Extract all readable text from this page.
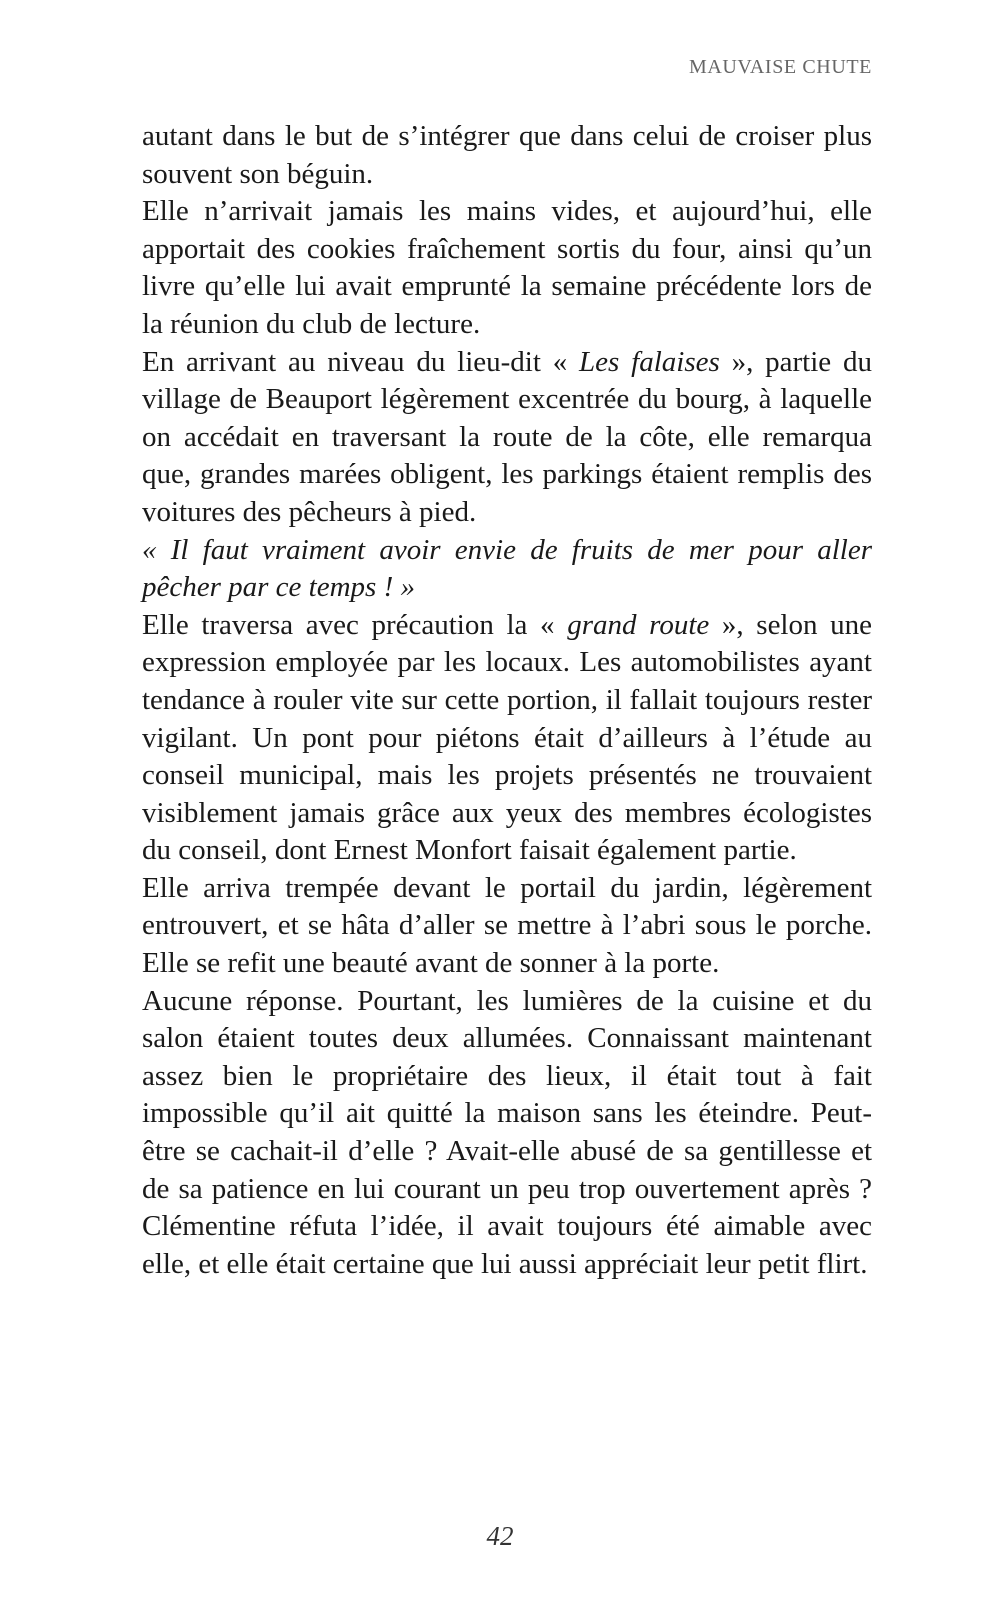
MAUVAISE CHUTE

autant dans le but de s’intégrer que dans celui de croiser plus souvent son béguin.

Elle n’arrivait jamais les mains vides, et aujourd’hui, elle apportait des cookies fraîchement sortis du four, ainsi qu’un livre qu’elle lui avait emprunté la semaine précédente lors de la réunion du club de lecture.

En arrivant au niveau du lieu-dit « Les falaises », partie du village de Beauport légèrement excentrée du bourg, à laquelle on accédait en traversant la route de la côte, elle remarqua que, grandes marées obligent, les parkings étaient remplis des voitures des pêcheurs à pied.

« Il faut vraiment avoir envie de fruits de mer pour aller pêcher par ce temps ! »

Elle traversa avec précaution la « grand route », selon une expression employée par les locaux. Les automobilistes ayant tendance à rouler vite sur cette portion, il fallait toujours rester vigilant. Un pont pour piétons était d’ailleurs à l’étude au conseil municipal, mais les projets présentés ne trouvaient visiblement jamais grâce aux yeux des membres écologistes du conseil, dont Ernest Monfort faisait également partie.

Elle arriva trempée devant le portail du jardin, légèrement entrouvert, et se hâta d’aller se mettre à l’abri sous le porche. Elle se refit une beauté avant de sonner à la porte.

Aucune réponse. Pourtant, les lumières de la cuisine et du salon étaient toutes deux allumées. Connaissant maintenant assez bien le propriétaire des lieux, il était tout à fait impossible qu’il ait quitté la maison sans les éteindre. Peut-être se cachait-il d’elle ? Avait-elle abusé de sa gentillesse et de sa patience en lui courant un peu trop ouvertement après ? Clémentine réfuta l’idée, il avait toujours été aimable avec elle, et elle était certaine que lui aussi appréciait leur petit flirt.

42
